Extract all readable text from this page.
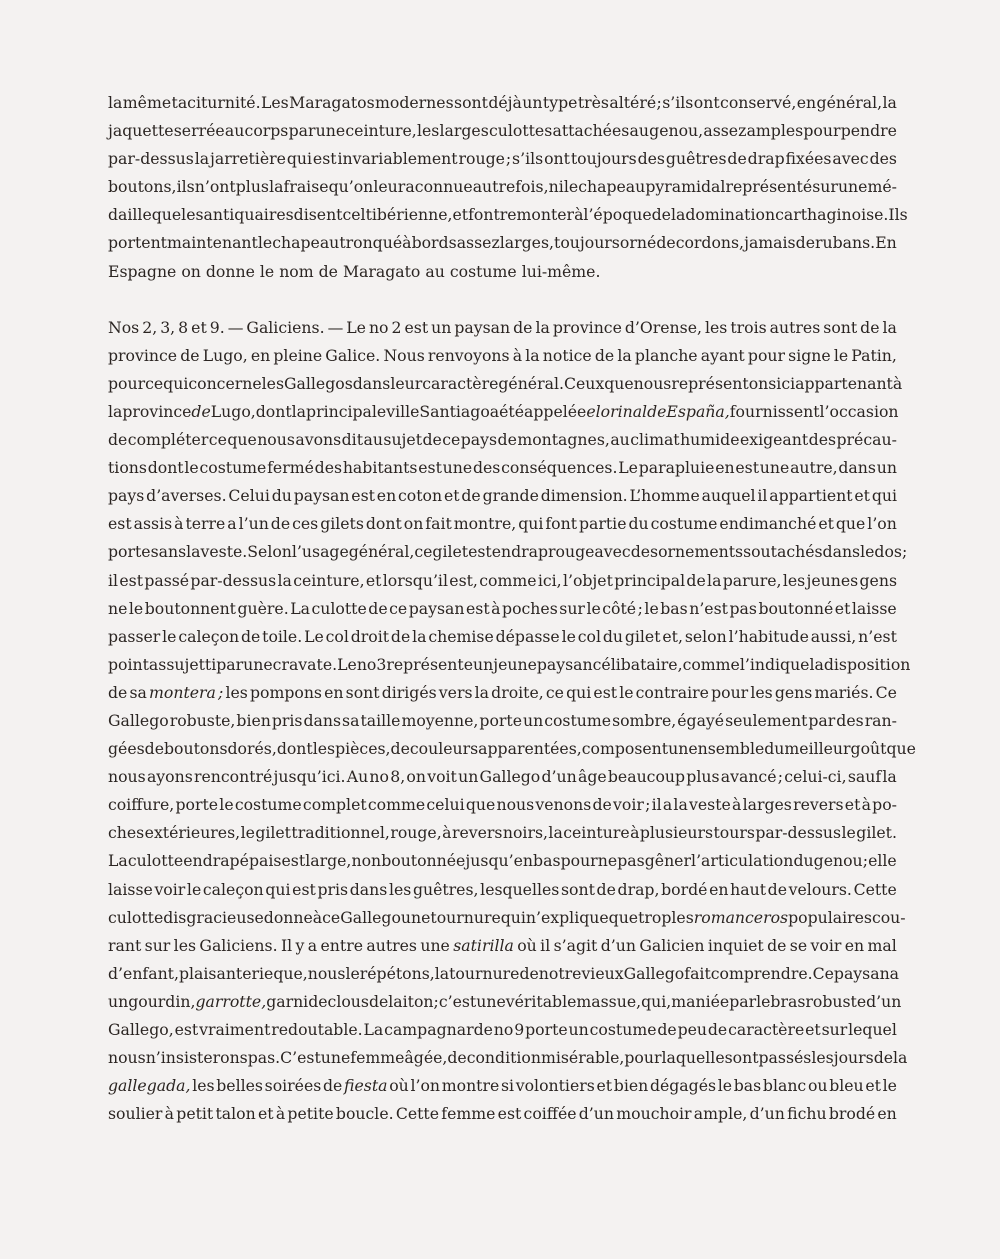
la même taciturnité. Les Maragatos modernes sont déjà un type très altéré ; s’ils ont conservé, en général, la
jaquette serrée au corps par une ceinture, les larges culottes attachées au genou, assez amples pour pendre
par-dessus la jarretière qui est invariablement rouge ; s’ils ont toujours des guêtres de drap fixées avec des
boutons, ils n’ont plus la fraise qu’on leur a connue autrefois, ni le chapeau pyramidal représenté sur une mé-
daille que les antiquaires disent celtibérienne, et font remonter à l’époque de la domination carthaginoise. Ils
portent maintenant le chapeau tronqué à bords assez larges, toujours orné de cordons, jamais de rubans. En
Espagne on donne le nom de Maragato au costume lui-même.
Nos 2, 3, 8 et 9. — Galiciens. — Le no 2 est un paysan de la province d’Orense, les trois autres sont de la
province de Lugo, en pleine Galice. Nous renvoyons à la notice de la planche ayant pour signe le Patin,
pour ce qui concerne les Gallegos dans leur caractère général. Ceux que nous représentons ici appartenant à
la province de Lugo, dont la principale ville Santiago a été appelée el orinal de España, fournissent l’occasion
de compléter ce que nous avons dit au sujet de ce pays de montagnes, au climat humide exigeant des précau-
tions dont le costume fermé des habitants est une des conséquences. Le parapluie en est une autre, dans un
pays d’averses. Celui du paysan est en coton et de grande dimension. L’homme auquel il appartient et qui
est assis à terre a l’un de ces gilets dont on fait montre, qui font partie du costume endimanché et que l’on
porte sans la veste. Selon l’usage général, ce gilet est en drap rouge avec des ornements soutachés dans le dos ;
il est passé par-dessus la ceinture, et lorsqu’il est, comme ici, l’objet principal de la parure, les jeunes gens
ne le boutonnent guère. La culotte de ce paysan est à poches sur le côté ; le bas n’est pas boutonné et laisse
passer le caleçon de toile. Le col droit de la chemise dépasse le col du gilet et, selon l’habitude aussi, n’est
point assujetti par une cravate. Le no 3 représente un jeune paysan célibataire, comme l’indique la disposition
de sa montera ; les pompons en sont dirigés vers la droite, ce qui est le contraire pour les gens mariés. Ce
Gallego robuste, bien pris dans sa taille moyenne, porte un costume sombre, égayé seulement par des ran-
gées de boutons dorés, dont les pièces, de couleurs apparentées, composent un ensemble du meilleur goût que
nous ayons rencontré jusqu’ici. Au no 8, on voit un Gallego d’un âge beaucoup plus avancé ; celui-ci, sauf la
coiffure, porte le costume complet comme celui que nous venons de voir ; il a la veste à larges revers et à po-
ches extérieures, le gilet traditionnel, rouge, à revers noirs, la ceinture à plusieurs tours par-dessus le gilet.
La culotte en drap épais est large, non boutonnée jusqu’en bas pour ne pas gêner l’articulation du genou ; elle
laisse voir le caleçon qui est pris dans les guêtres, lesquelles sont de drap, bordé en haut de velours. Cette
culotte disgracieuse donne à ce Gallego une tournure qui n’explique que trop les romanceros populaires cou-
rant sur les Galiciens. Il y a entre autres une satirilla où il s’agit d’un Galicien inquiet de se voir en mal
d’enfant, plaisanterie que, nous le répétons, la tournure de notre vieux Gallego fait comprendre. Ce paysan a
un gourdin, garrotte, garni de clous de laiton ; c’est une véritable massue, qui, maniée par le bras robuste d’un
Gallego, est vraiment redoutable. La campagnarde no 9 porte un costume de peu de caractère et sur lequel
nous n’insisterons pas. C’est une femme âgée, de condition misérable, pour laquelle sont passés les jours de la
gallegada, les belles soirées de fiesta où l’on montre si volontiers et bien dégagés le bas blanc ou bleu et le
soulier à petit talon et à petite boucle. Cette femme est coiffée d’un mouchoir ample, d’un fichu brodé en
